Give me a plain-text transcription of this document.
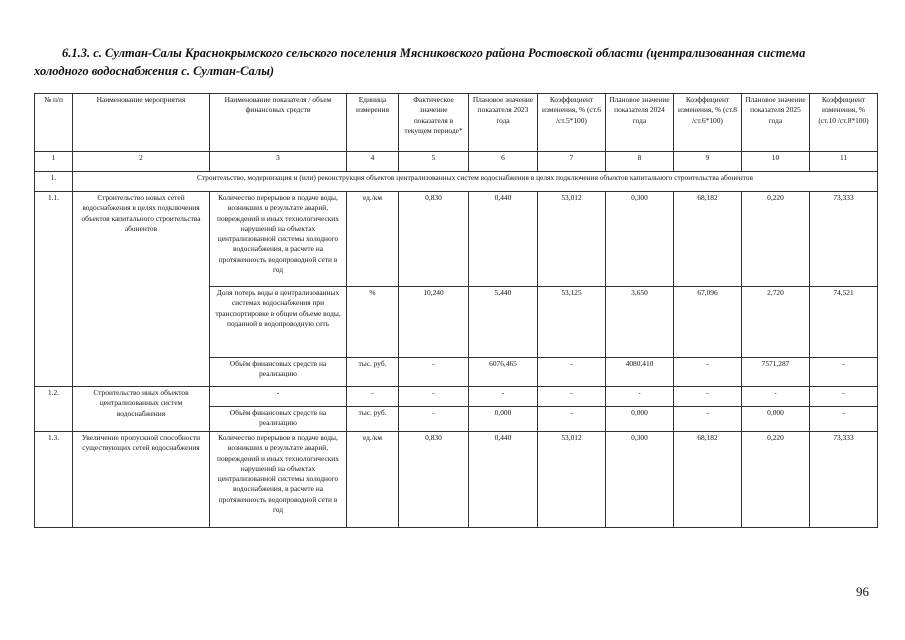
6.1.3. с. Султан-Салы Краснокрымского сельского поселения Мясниковского района Ростовской области (централизованная система
холодного водоснабжения с. Султан-Салы)
№ п/п	Наименование мероприятия	Наименование показателя / объем финансовых средств	Единица измерения	Фактическое значение показателя в текущем периоде*	Плановое значение показателя 2023 года	Коэффициент изменения, % (ст.6 /ст.5*100)	Плановое значение показателя 2024 года	Коэффициент изменения, % (ст.8 /ст.6*100)	Плановое значение показателя 2025 года	Коэффициент изменения, % (ст.10 /ст.8*100)
1	2	3	4	5	6	7	8	9	10	11
1.	Строительство, модернизация и (или) реконструкция объектов централизованных систем водоснабжения в целях подключения объектов капитального строительства абонентов									
1.1.	Строительство новых сетей водоснабжения в целях подключения объектов капитального строительства абонентов	Количество перерывов в подаче воды, возникших в результате аварий, повреждений и иных технологических нарушений на объектах централизованной системы холодного водоснабжения, в расчете на протяженность водопроводной сети в год	ед./км	0,830	0,440	53,012	0,300	68,182	0,220	73,333
		Доля потерь воды в централизованных системах водоснабжения при транспортировке в общем объеме воды, поданной в водопроводную сеть	%	10,240	5,440	53,125	3,650	67,096	2,720	74,521
		Объём финансовых средств на реализацию	тыс. руб.	-	6076,465	-	4080,410	-	7571,287	-
1.2.	Строительство иных объектов централизованных систем водоснабжения	-	-	-	-	-	-	-	-	-
		Объём финансовых средств на реализацию	тыс. руб.	-	0,000	-	0,000	-	0,000	-
1.3.	Увеличение пропускной способности существующих сетей водоснабжения	Количество перерывов в подаче воды, возникших в результате аварий, повреждений и иных технологических нарушений на объектах централизованной системы холодного водоснабжения, в расчете на протяженность водопроводной сети в год	ед./км	0,830	0,440	53,012	0,300	68,182	0,220	73,333
96
